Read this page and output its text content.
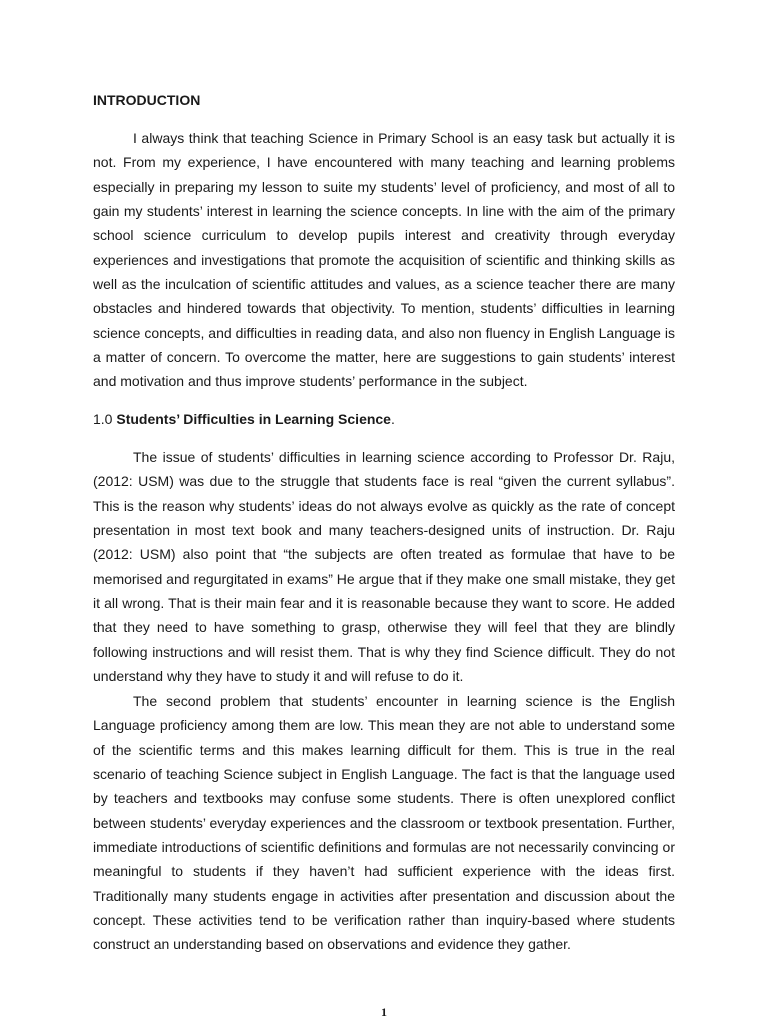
INTRODUCTION

I always think that teaching Science in Primary School is an easy task but actually it is not. From my experience, I have encountered with many teaching and learning problems especially in preparing my lesson to suite my students’ level of proficiency, and most of all to gain my students’ interest in learning the science concepts. In line with the aim of the primary school science curriculum to develop pupils interest and creativity through everyday experiences and investigations that promote the acquisition of scientific and thinking skills as well as the inculcation of scientific attitudes and values, as a science teacher there are many obstacles and hindered towards that objectivity. To mention, students’ difficulties in learning science concepts, and difficulties in reading data, and also non fluency in English Language is a matter of concern. To overcome the matter, here are suggestions to gain students’ interest and motivation and thus improve students’ performance in the subject.

1.0 Students’ Difficulties in Learning Science.

The issue of students’ difficulties in learning science according to Professor Dr. Raju, (2012: USM) was due to the struggle that students face is real “given the current syllabus”. This is the reason why students’ ideas do not always evolve as quickly as the rate of concept presentation in most text book and many teachers-designed units of instruction. Dr. Raju (2012: USM) also point that “the subjects are often treated as formulae that have to be memorised and regurgitated in exams” He argue that if they make one small mistake, they get it all wrong. That is their main fear and it is reasonable because they want to score. He added that they need to have something to grasp, otherwise they will feel that they are blindly following instructions and will resist them. That is why they find Science difficult. They do not understand why they have to study it and will refuse to do it.

The second problem that students’ encounter in learning science is the English Language proficiency among them are low. This mean they are not able to understand some of the scientific terms and this makes learning difficult for them. This is true in the real scenario of teaching Science subject in English Language. The fact is that the language used by teachers and textbooks may confuse some students. There is often unexplored conflict between students’ everyday experiences and the classroom or textbook presentation. Further, immediate introductions of scientific definitions and formulas are not necessarily convincing or meaningful to students if they haven’t had sufficient experience with the ideas first. Traditionally many students engage in activities after presentation and discussion about the concept. These activities tend to be verification rather than inquiry-based where students construct an understanding based on observations and evidence they gather.

1
